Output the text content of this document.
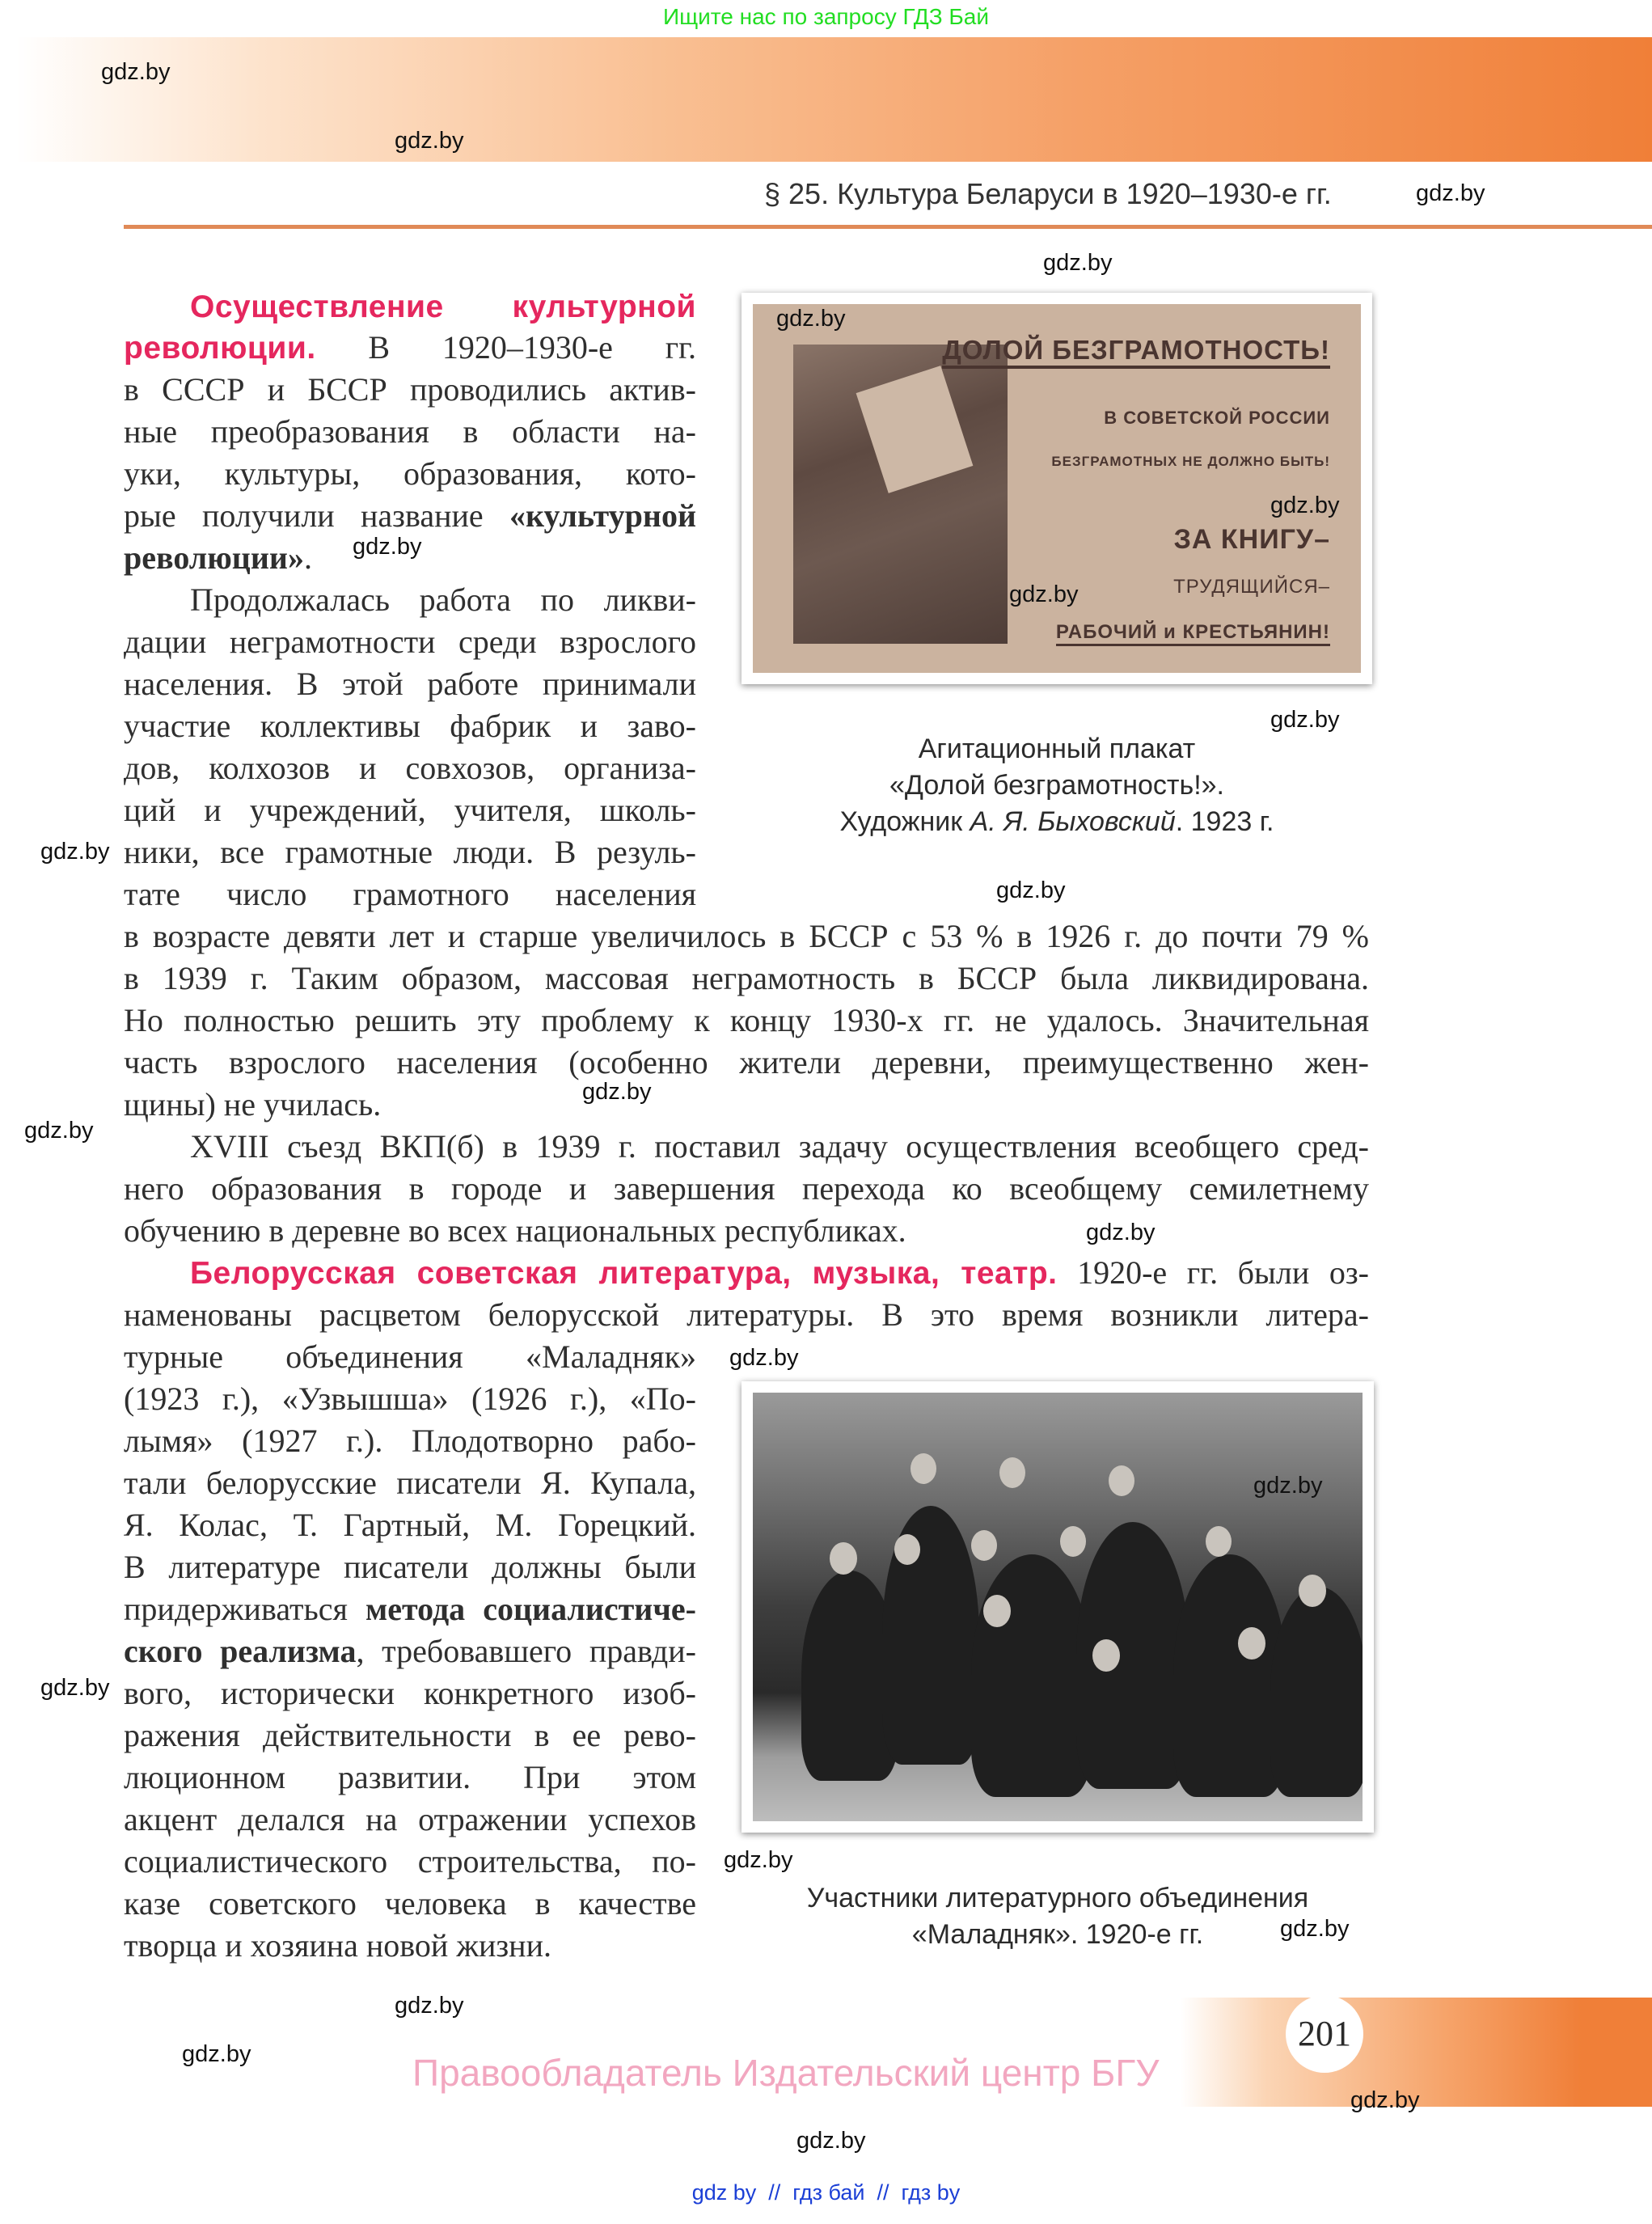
Ищите нас по запросу ГДЗ Бай
gdz.by
gdz.by
§ 25. Культура Беларуси в 1920–1930-е гг.	gdz.by
gdz.by
Осуществление культурной
революции. В 1920–1930-е гг.
в СССР и БССР проводились актив-
ные преобразования в области на-
уки, культуры, образования, кото-
рые получили название «культурной
революции». gdz.by
Продолжалась работа по ликви-
дации неграмотности среди взрослого
населения. В этой работе принимали
участие коллективы фабрик и заво-
дов, колхозов и совхозов, организа-
ций и учреждений, учителя, школь-
ники, все грамотные люди. В резуль-
gdz.by
тате число грамотного населения
ДОЛОЙ БЕЗГРАМОТНОСТЬ!
В СОВЕТСКОЙ РОССИИ
БЕЗГРАМОТНЫХ НЕ ДОЛЖНО БЫТЬ!
ЗА КНИГУ–
ТРУДЯЩИЙСЯ–
РАБОЧИЙ и КРЕСТЬЯНИН!
gdz.by
gdz.by
gdz.by
gdz.by
Агитационный плакат
«Долой безграмотность!».
Художник А. Я. Быховский. 1923 г.
gdz.by
в возрасте девяти лет и старше увеличилось в БССР с 53 % в 1926 г. до почти 79 %
в 1939 г. Таким образом, массовая неграмотность в БССР была ликвидирована.
Но полностью решить эту проблему к концу 1930-х гг. не удалось. Значительная
часть взрослого населения (особенно жители деревни, преимущественно жен-
щины) не училась.	gdz.by
gdz.by	XVIII съезд ВКП(б) в 1939 г. поставил задачу осуществления всеобщего сред-
него образования в городе и завершения перехода ко всеобщему семилетнему
обучению в деревне во всех национальных республиках.	gdz.by
Белорусская советская литература, музыка, театр. 1920-е гг. были оз-
наменованы расцветом белорусской литературы. В это время возникли литера-
турные объединения «Маладняк» gdz.by
(1923 г.), «Узвышша» (1926 г.), «По-
лымя» (1927 г.). Плодотворно рабо-
тали белорусские писатели Я. Купала,
Я. Колас, Т. Гартный, М. Горецкий.
В литературе писатели должны были
придерживаться метода социалистиче-
ского реализма, требовавшего правди-
вого, исторически конкретного изоб-
gdz.by
ражения действительности в ее рево-
люционном развитии. При этом
акцент делался на отражении успехов
социалистического строительства, по-
казе советского человека в качестве
творца и хозяина новой жизни.
gdz.by
gdz.by
Участники литературного объединения
«Маладняк». 1920-е гг.	gdz.by
gdz.by
gdz.by
201
Правообладатель Издательский центр БГУ
gdz.by
gdz.by
gdz by  //  гдз бай  //  гдз by
